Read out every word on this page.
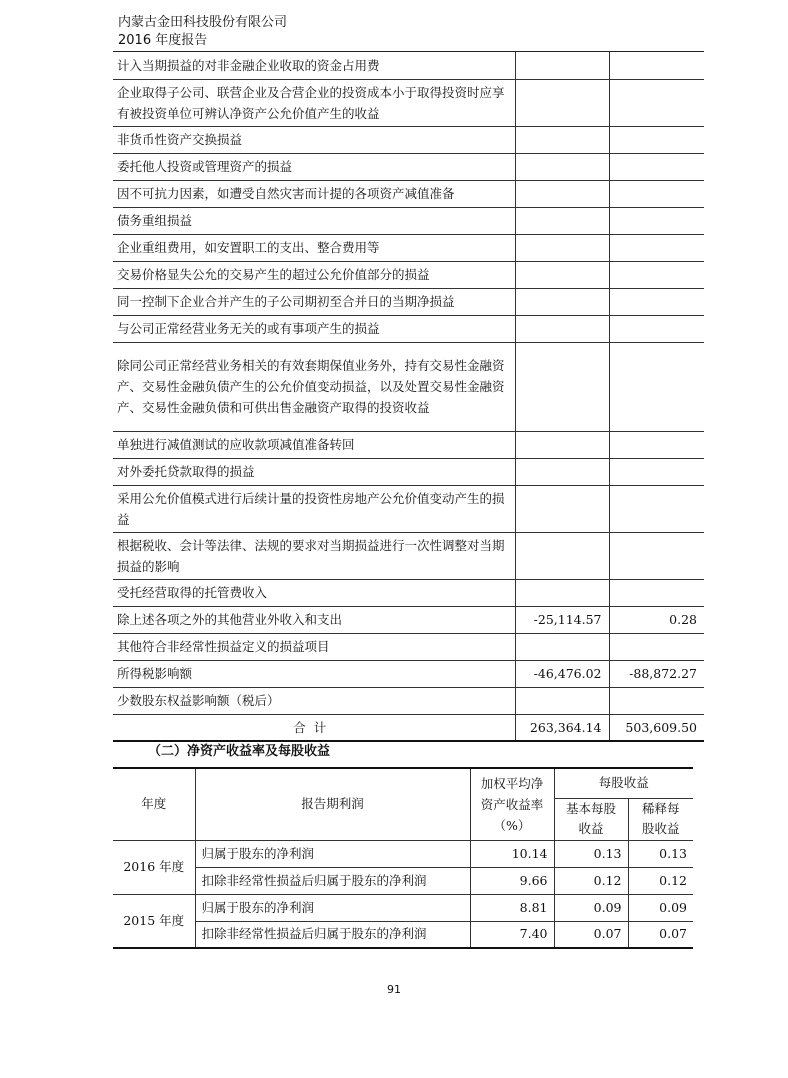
内蒙古金田科技股份有限公司
2016 年度报告
计入当期损益的对非金融企业收取的资金占用费		
企业取得子公司、联营企业及合营企业的投资成本小于取得投资时应享有被投资单位可辨认净资产公允价值产生的收益		
非货币性资产交换损益		
委托他人投资或管理资产的损益		
因不可抗力因素，如遭受自然灾害而计提的各项资产减值准备		
债务重组损益		
企业重组费用，如安置职工的支出、整合费用等		
交易价格显失公允的交易产生的超过公允价值部分的损益		
同一控制下企业合并产生的子公司期初至合并日的当期净损益		
与公司正常经营业务无关的或有事项产生的损益		
除同公司正常经营业务相关的有效套期保值业务外，持有交易性金融资产、交易性金融负债产生的公允价值变动损益，以及处置交易性金融资产、交易性金融负债和可供出售金融资产取得的投资收益		
单独进行减值测试的应收款项减值准备转回		
对外委托贷款取得的损益		
采用公允价值模式进行后续计量的投资性房地产公允价值变动产生的损益		
根据税收、会计等法律、法规的要求对当期损益进行一次性调整对当期损益的影响		
受托经营取得的托管费收入		
除上述各项之外的其他营业外收入和支出	-25,114.57	0.28
其他符合非经常性损益定义的损益项目		
所得税影响额	-46,476.02	-88,872.27
少数股东权益影响额（税后）		
合计	263,364.14	503,609.50
（二）净资产收益率及每股收益
年度	报告期利润	加权平均净资产收益率（%）	每股收益	
			基本每股收益	稀释每股收益
2016 年度	归属于股东的净利润	10.14	0.13	0.13
	扣除非经常性损益后归属于股东的净利润	9.66	0.12	0.12
2015 年度	归属于股东的净利润	8.81	0.09	0.09
	扣除非经常性损益后归属于股东的净利润	7.40	0.07	0.07
91
